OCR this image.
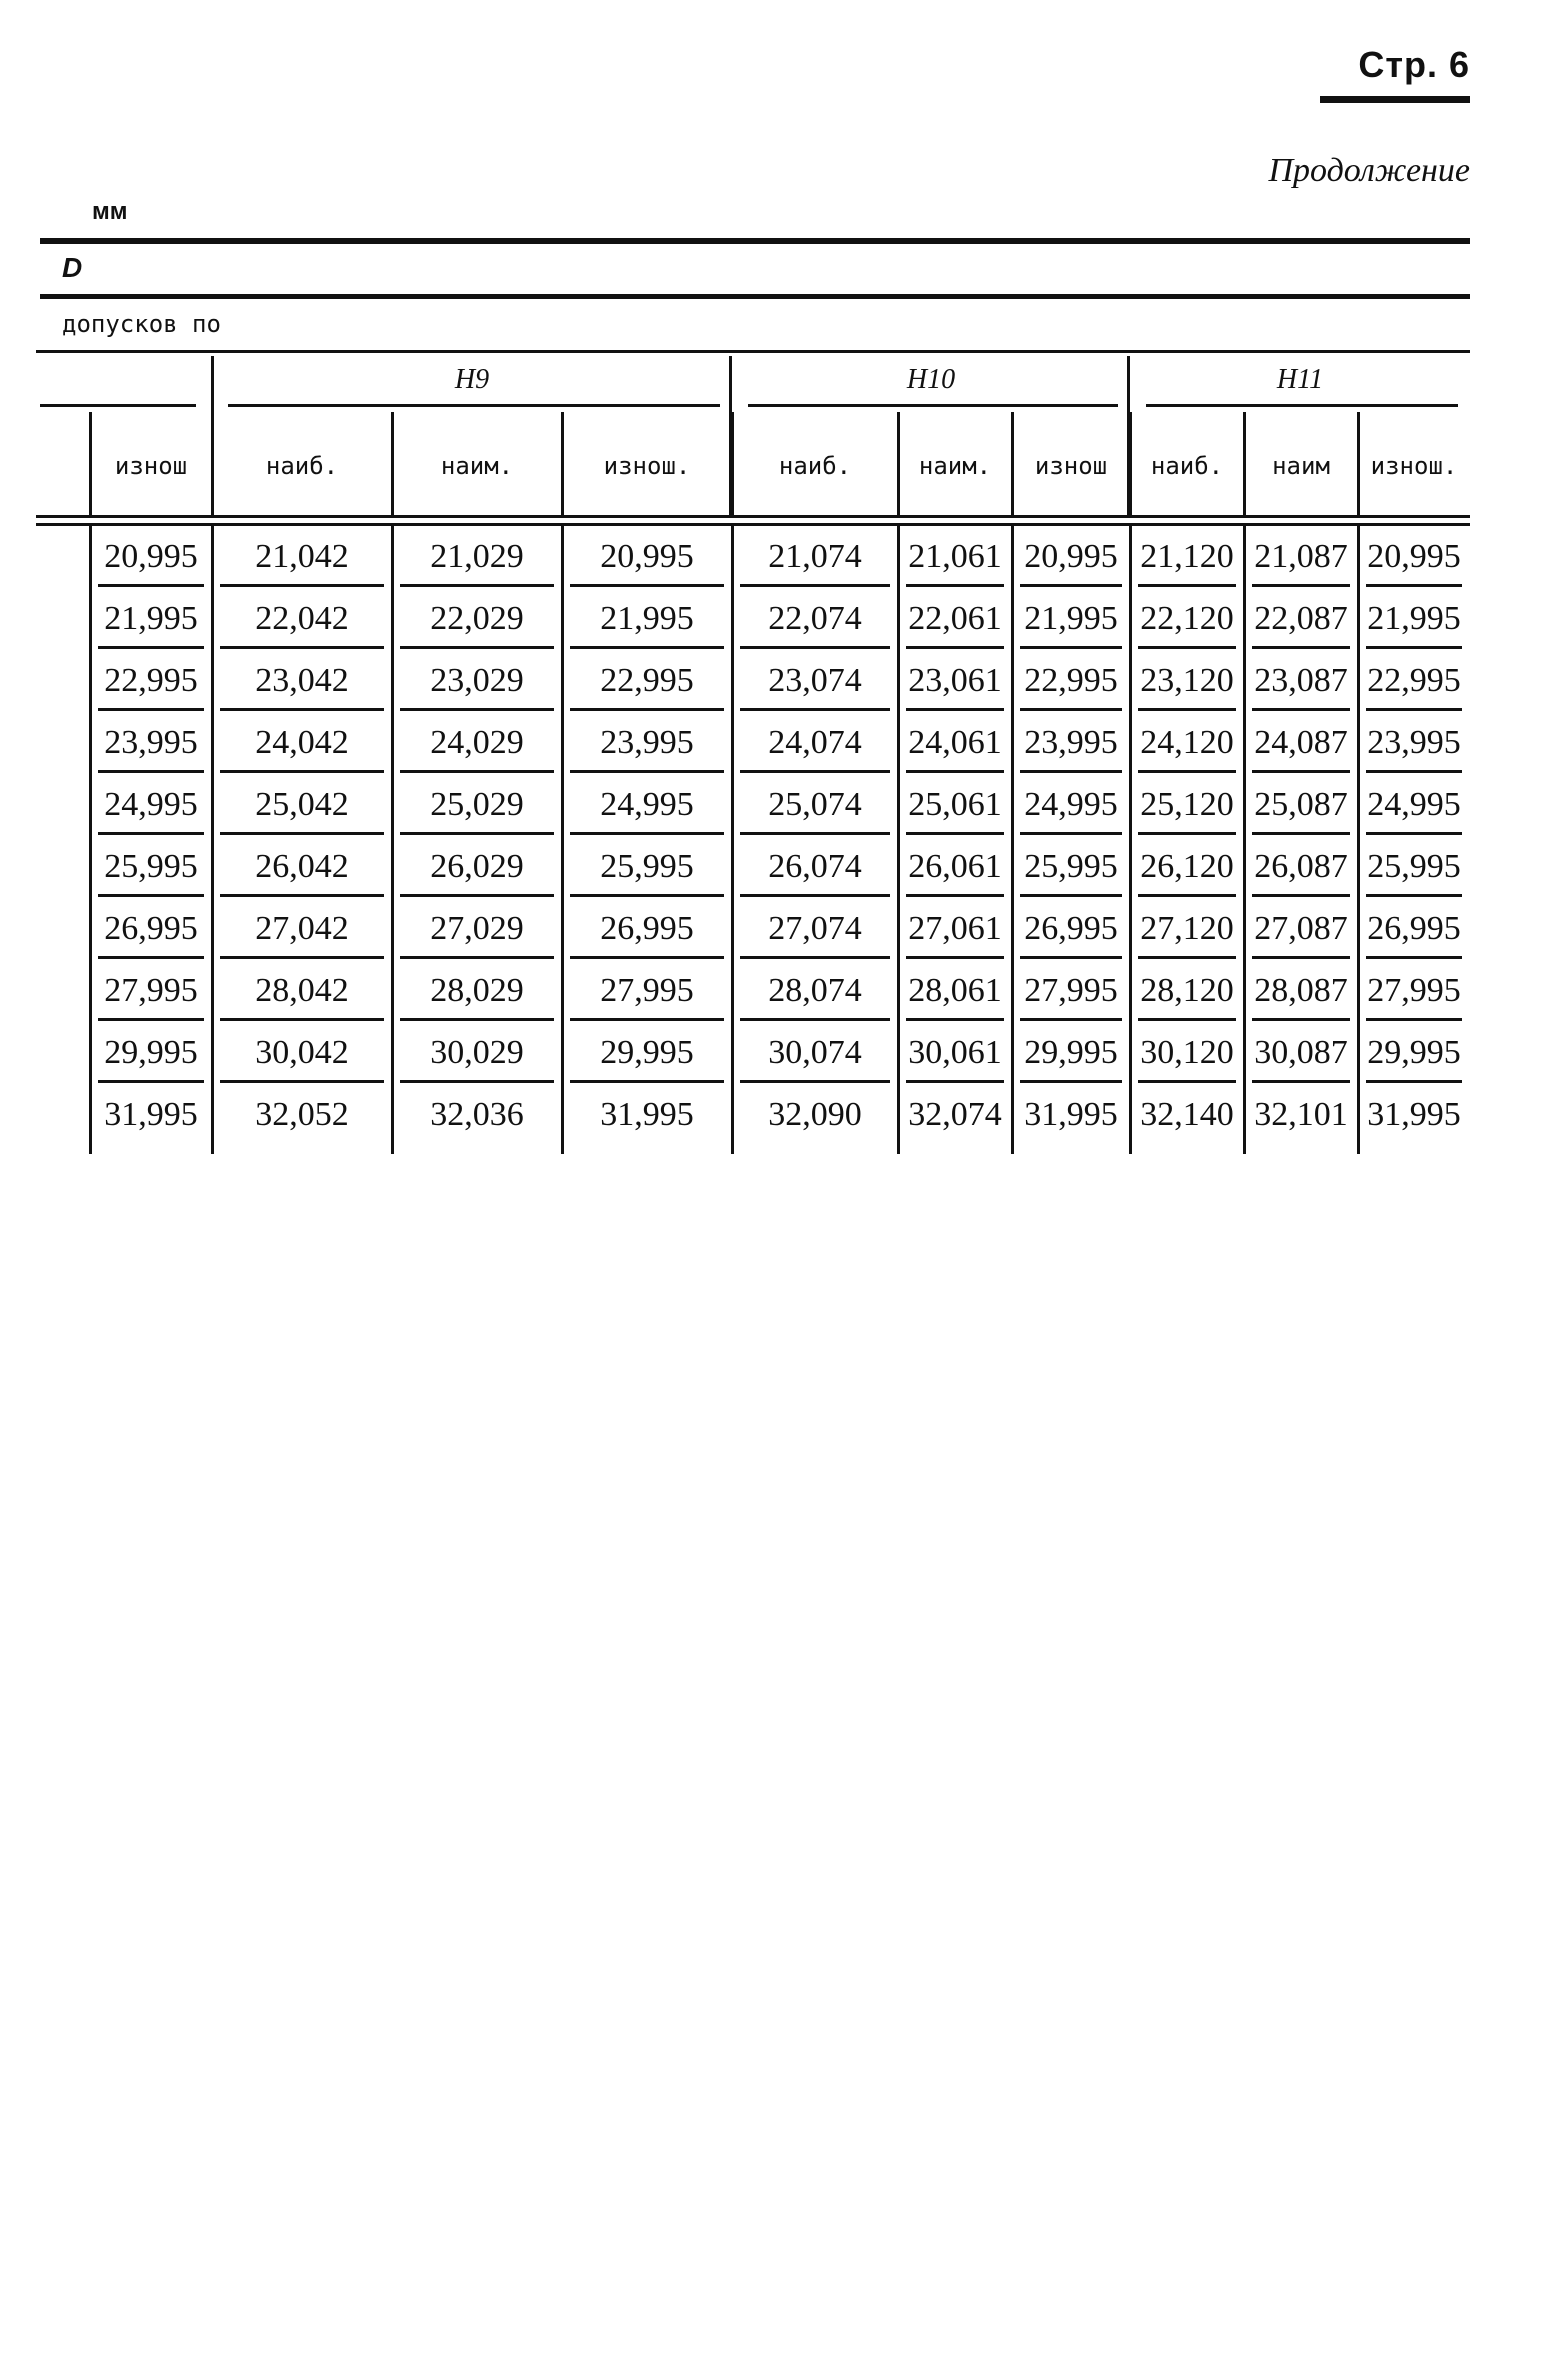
Стр. 6
Продолжение
мм
D
допусков по
H9	H10	H11
изнош	наиб.	наим.	изнош.	наиб.	наим.	изнош	наиб.	наим	изнош.
20,995	21,042	21,029	20,995	21,074	21,061 20,995 21,120 21,087 20,995
21,995	22,042	22,029	21,995	22,074	22,061 21,995 22,120 22,087 21,995
22,995	23,042	23,029	22,995	23,074	23,061 22,995 23,120 23,087 22,995
23,995	24,042	24,029	23,995	24,074	24,061 23,995 24,120 24,087 23,995
24,995	25,042	25,029	24,995	25,074	25,061 24,995 25,120 25,087 24,995
25,995	26,042	26,029	25,995	26,074	26,061 25,995 26,120 26,087 25,995
26,995	27,042	27,029	26,995	27,074	27,061 26,995 27,120 27,087 26,995
27,995	28,042	28,029	27,995	28,074	28,061 27,995 28,120 28,087 27,995
29,995	30,042	30,029	29,995	30,074	30,061 29,995 30,120 30,087 29,995
31,995	32,052	32,036	31,995	32,090	32,074 31,995 32,140 32,101 31,995
